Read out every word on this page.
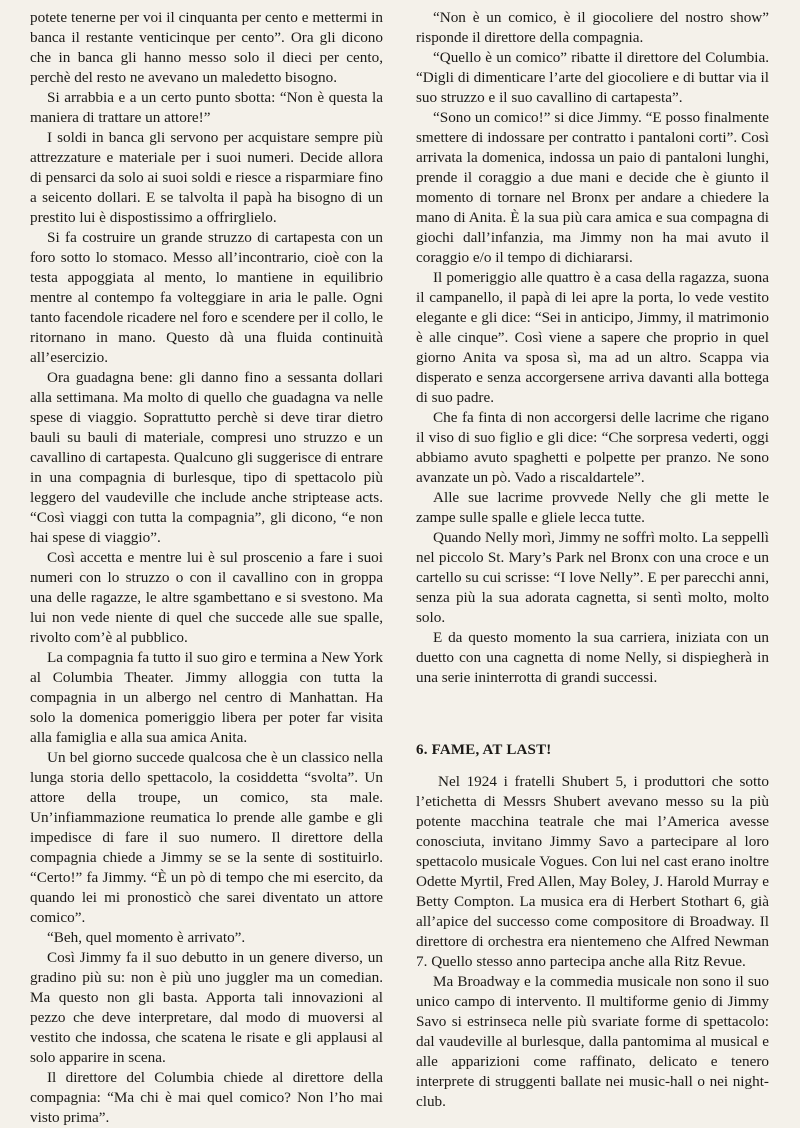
potete tenerne per voi il cinquanta per cento e mettermi in banca il restante venticinque per cento”. Ora gli dicono che in banca gli hanno messo solo il dieci per cento, perchè del resto ne avevano un maledetto bisogno.

Si arrabbia e a un certo punto sbotta: “Non è questa la maniera di trattare un attore!”

I soldi in banca gli servono per acquistare sempre più attrezzature e materiale per i suoi numeri. Decide allora di pensarci da solo ai suoi soldi e riesce a risparmiare fino a seicento dollari. E se talvolta il papà ha bisogno di un prestito lui è dispostissimo a offrirglielo.

Si fa costruire un grande struzzo di cartapesta con un foro sotto lo stomaco. Messo all’incontrario, cioè con la testa appoggiata al mento, lo mantiene in equilibrio mentre al contempo fa volteggiare in aria le palle. Ogni tanto facendole ricadere nel foro e scendere per il collo, le ritornano in mano. Questo dà una fluida continuità all’esercizio.

Ora guadagna bene: gli danno fino a sessanta dollari alla settimana. Ma molto di quello che guadagna va nelle spese di viaggio. Soprattutto perchè si deve tirar dietro bauli su bauli di materiale, compresi uno struzzo e un cavallino di cartapesta. Qualcuno gli suggerisce di entrare in una compagnia di burlesque, tipo di spettacolo più leggero del vaudeville che include anche striptease acts. “Così viaggi con tutta la compagnia”, gli dicono, “e non hai spese di viaggio”.

Così accetta e mentre lui è sul proscenio a fare i suoi numeri con lo struzzo o con il cavallino con in groppa una delle ragazze, le altre sgambettano e si svestono. Ma lui non vede niente di quel che succede alle sue spalle, rivolto com’è al pubblico.

La compagnia fa tutto il suo giro e termina a New York al Columbia Theater. Jimmy alloggia con tutta la compagnia in un albergo nel centro di Manhattan. Ha solo la domenica pomeriggio libera per poter far visita alla famiglia e alla sua amica Anita.

Un bel giorno succede qualcosa che è un classico nella lunga storia dello spettacolo, la cosiddetta “svolta”. Un attore della troupe, un comico, sta male. Un’infiammazione reumatica lo prende alle gambe e gli impedisce di fare il suo numero. Il direttore della compagnia chiede a Jimmy se se la sente di sostituirlo. “Certo!” fa Jimmy. “È un pò di tempo che mi esercito, da quando lei mi pronosticò che sarei diventato un attore comico”.

“Beh, quel momento è arrivato”.

Così Jimmy fa il suo debutto in un genere diverso, un gradino più su: non è più uno juggler ma un comedian. Ma questo non gli basta. Apporta tali innovazioni al pezzo che deve interpretare, dal modo di muoversi al vestito che indossa, che scatena le risate e gli applausi al solo apparire in scena.

Il direttore del Columbia chiede al direttore della compagnia: “Ma chi è mai quel comico? Non l’ho mai visto prima”.

“Non è un comico, è il giocoliere del nostro show” risponde il direttore della compagnia.

“Quello è un comico” ribatte il direttore del Columbia. “Digli di dimenticare l’arte del giocoliere e di buttar via il suo struzzo e il suo cavallino di cartapesta”.

“Sono un comico!” si dice Jimmy. “E posso finalmente smettere di indossare per contratto i pantaloni corti”. Così arrivata la domenica, indossa un paio di pantaloni lunghi, prende il coraggio a due mani e decide che è giunto il momento di tornare nel Bronx per andare a chiedere la mano di Anita. È la sua più cara amica e sua compagna di giochi dall’infanzia, ma Jimmy non ha mai avuto il coraggio e/o il tempo di dichiararsi.

Il pomeriggio alle quattro è a casa della ragazza, suona il campanello, il papà di lei apre la porta, lo vede vestito elegante e gli dice: “Sei in anticipo, Jimmy, il matrimonio è alle cinque”. Così viene a sapere che proprio in quel giorno Anita va sposa sì, ma ad un altro. Scappa via disperato e senza accorgersene arriva davanti alla bottega di suo padre.

Che fa finta di non accorgersi delle lacrime che rigano il viso di suo figlio e gli dice: “Che sorpresa vederti, oggi abbiamo avuto spaghetti e polpette per pranzo. Ne sono avanzate un pò. Vado a riscaldartele”.

Alle sue lacrime provvede Nelly che gli mette le zampe sulle spalle e gliele lecca tutte.

Quando Nelly morì, Jimmy ne soffrì molto. La seppellì nel piccolo St. Mary’s Park nel Bronx con una croce e un cartello su cui scrisse: “I love Nelly”. E per parecchi anni, senza più la sua adorata cagnetta, si sentì molto, molto solo.

E da questo momento la sua carriera, iniziata con un duetto con una cagnetta di nome Nelly, si dispiegherà in una serie ininterrotta di grandi successi.

6. FAME, AT LAST!

Nel 1924 i fratelli Shubert 5, i produttori che sotto l’etichetta di Messrs Shubert avevano messo su la più potente macchina teatrale che mai l’America avesse conosciuta, invitano Jimmy Savo a partecipare al loro spettacolo musicale Vogues. Con lui nel cast erano inoltre Odette Myrtil, Fred Allen, May Boley, J. Harold Murray e Betty Compton. La musica era di Herbert Stothart 6, già all’apice del successo come compositore di Broadway. Il direttore di orchestra era nientemeno che Alfred Newman 7. Quello stesso anno partecipa anche alla Ritz Revue.

Ma Broadway e la commedia musicale non sono il suo unico campo di intervento. Il multiforme genio di Jimmy Savo si estrinseca nelle più svariate forme di spettacolo: dal vaudeville al burlesque, dalla pantomima al musical e alle apparizioni come raffinato, delicato e tenero interprete di struggenti ballate nei music-hall o nei night-club.
